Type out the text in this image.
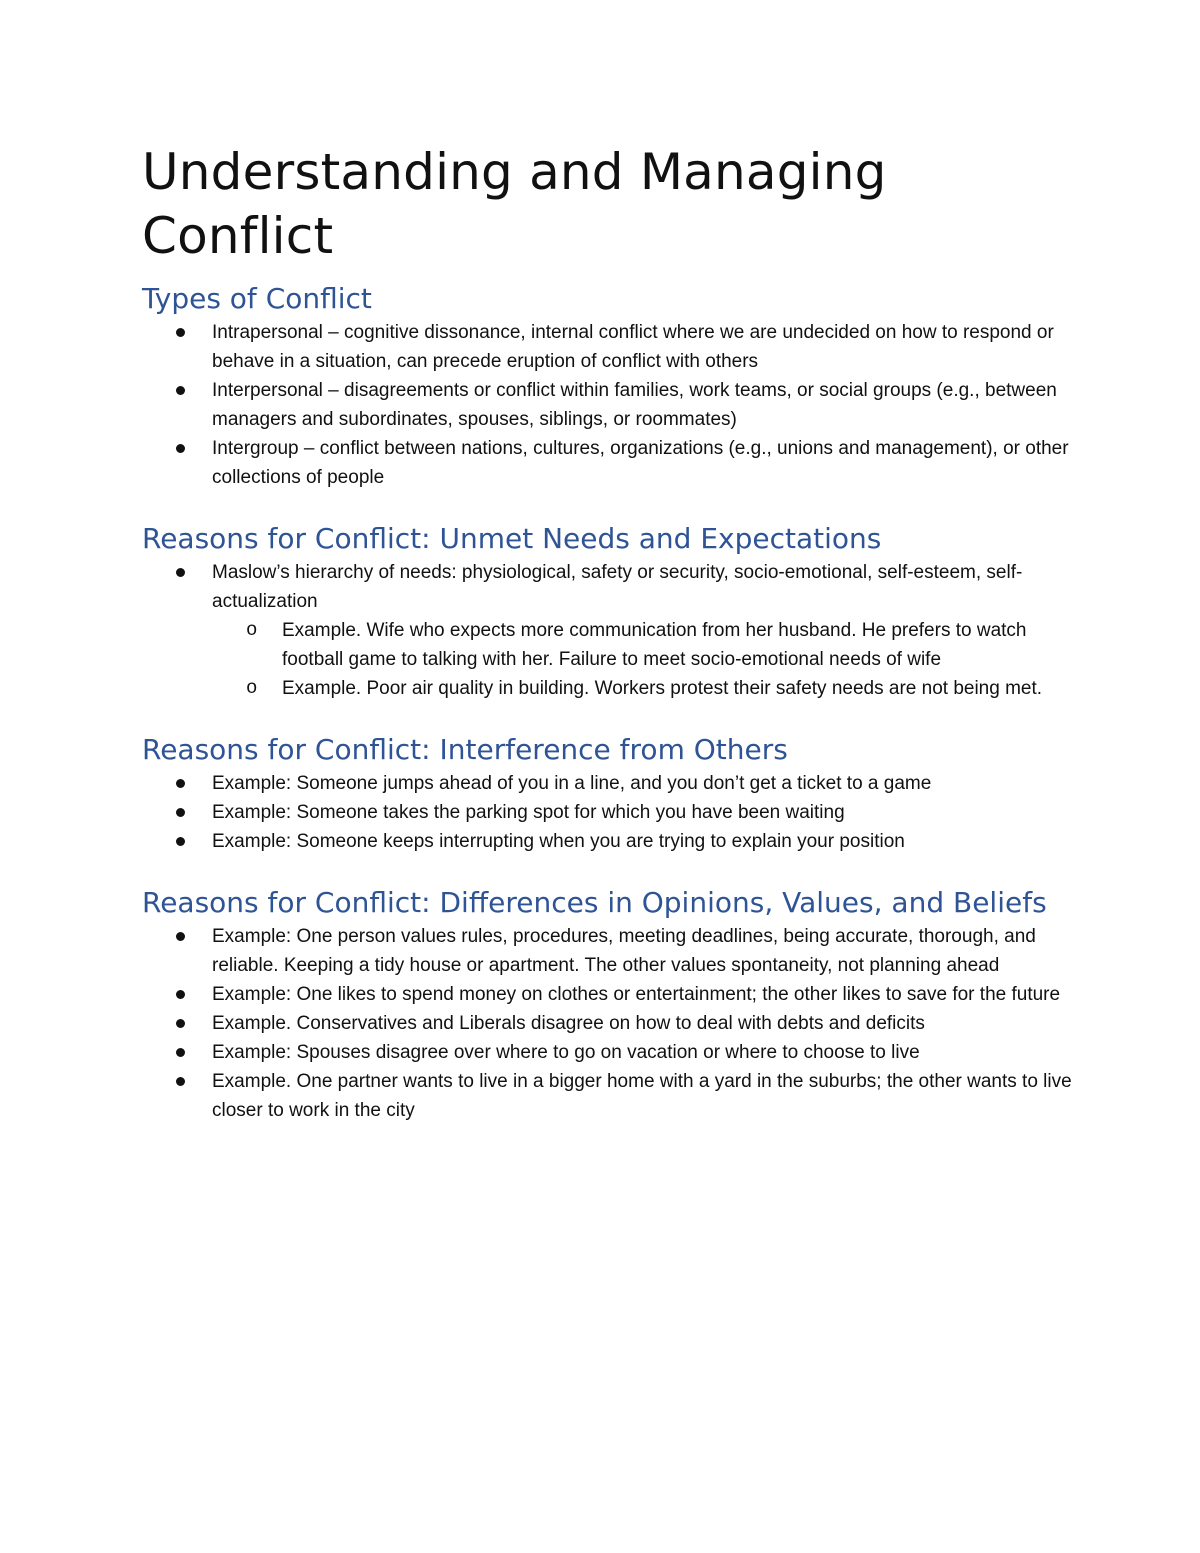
Understanding and Managing Conflict
Types of Conflict
Intrapersonal – cognitive dissonance, internal conflict where we are undecided on how to respond or behave in a situation, can precede eruption of conflict with others
Interpersonal – disagreements or conflict within families, work teams, or social groups (e.g., between managers and subordinates, spouses, siblings, or roommates)
Intergroup – conflict between nations, cultures, organizations (e.g., unions and management), or other collections of people
Reasons for Conflict: Unmet Needs and Expectations
Maslow’s hierarchy of needs: physiological, safety or security, socio-emotional, self-esteem, self-actualization
o Example. Wife who expects more communication from her husband. He prefers to watch football game to talking with her. Failure to meet socio-emotional needs of wife
o Example. Poor air quality in building. Workers protest their safety needs are not being met.
Reasons for Conflict: Interference from Others
Example: Someone jumps ahead of you in a line, and you don’t get a ticket to a game
Example: Someone takes the parking spot for which you have been waiting
Example: Someone keeps interrupting when you are trying to explain your position
Reasons for Conflict: Differences in Opinions, Values, and Beliefs
Example: One person values rules, procedures, meeting deadlines, being accurate, thorough, and reliable. Keeping a tidy house or apartment. The other values spontaneity, not planning ahead
Example: One likes to spend money on clothes or entertainment; the other likes to save for the future
Example. Conservatives and Liberals disagree on how to deal with debts and deficits
Example: Spouses disagree over where to go on vacation or where to choose to live
Example. One partner wants to live in a bigger home with a yard in the suburbs; the other wants to live closer to work in the city
